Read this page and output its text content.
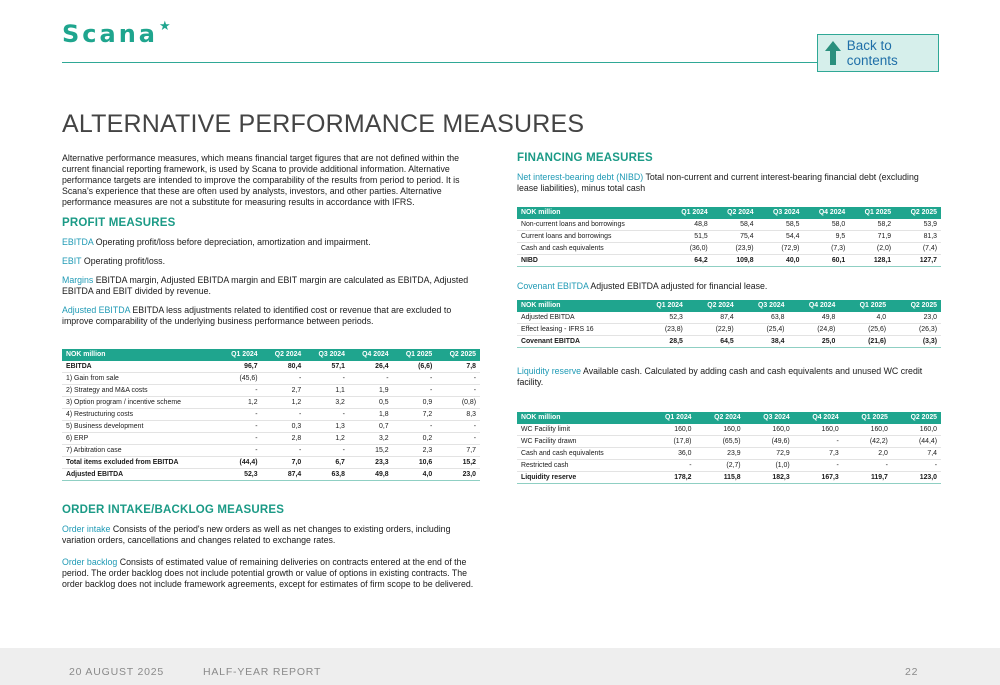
Scana ★
Back to contents
ALTERNATIVE PERFORMANCE MEASURES

Alternative performance measures, which means financial target figures that are not defined within the current financial reporting framework, is used by Scana to provide additional information. Alternative performance targets are intended to improve the comparability of the results from period to period. It is Scana's experience that these are often used by analysts, investors, and other parties. Alternative performance measures are not a substitute for measuring results in accordance with IFRS.

PROFIT MEASURES

EBITDA Operating profit/loss before depreciation, amortization and impairment.

EBIT Operating profit/loss.

Margins EBITDA margin, Adjusted EBITDA margin and EBIT margin are calculated as EBITDA, Adjusted EBITDA and EBIT divided by revenue.

Adjusted EBITDA EBITDA less adjustments related to identified cost or revenue that are excluded to improve comparability of the underlying business performance between periods.

NOK million	Q1 2024	Q2 2024	Q3 2024	Q4 2024	Q1 2025	Q2 2025
EBITDA	96,7	80,4	57,1	26,4	(6,6)	7,8
1) Gain from sale	(45,6)	-	-	-	-	-
2) Strategy and M&A costs	-	2,7	1,1	1,9	-	-
3) Option program / incentive scheme	1,2	1,2	3,2	0,5	0,9	(0,8)
4) Restructuring costs	-	-	-	1,8	7,2	8,3
5) Business development	-	0,3	1,3	0,7	-	-
6) ERP	-	2,8	1,2	3,2	0,2	-
7) Arbitration case	-	-	-	15,2	2,3	7,7
Total items excluded from EBITDA	(44,4)	7,0	6,7	23,3	10,6	15,2
Adjusted EBITDA	52,3	87,4	63,8	49,8	4,0	23,0
ORDER INTAKE/BACKLOG MEASURES

Order intake Consists of the period's new orders as well as net changes to existing orders, including variation orders, cancellations and changes related to exchange rates.

Order backlog Consists of estimated value of remaining deliveries on contracts entered at the end of the period. The order backlog does not include potential growth or value of options in existing contracts. The order backlog does not include framework agreements, except for estimates of firm scope to be delivered.

FINANCING MEASURES

Net interest-bearing debt (NIBD) Total non-current and current interest-bearing financial debt (excluding lease liabilities), minus total cash

NOK million	Q1 2024	Q2 2024	Q3 2024	Q4 2024	Q1 2025	Q2 2025
Non-current loans and borrowings	48,8	58,4	58,5	58,0	58,2	53,9
Current loans and borrowings	51,5	75,4	54,4	9,5	71,9	81,3
Cash and cash equivalents	(36,0)	(23,9)	(72,9)	(7,3)	(2,0)	(7,4)
NIBD	64,2	109,8	40,0	60,1	128,1	127,7

Covenant EBITDA Adjusted EBITDA adjusted for financial lease.

NOK million	Q1 2024	Q2 2024	Q3 2024	Q4 2024	Q1 2025	Q2 2025
Adjusted EBITDA	52,3	87,4	63,8	49,8	4,0	23,0
Effect leasing - IFRS 16	(23,8)	(22,9)	(25,4)	(24,8)	(25,6)	(26,3)
Covenant EBITDA	28,5	64,5	38,4	25,0	(21,6)	(3,3)

Liquidity reserve Available cash. Calculated by adding cash and cash equivalents and unused WC credit facility.

NOK million	Q1 2024	Q2 2024	Q3 2024	Q4 2024	Q1 2025	Q2 2025
WC Facility limit	160,0	160,0	160,0	160,0	160,0	160,0
WC Facility drawn	(17,8)	(65,5)	(49,6)	-	(42,2)	(44,4)
Cash and cash equivalents	36,0	23,9	72,9	7,3	2,0	7,4
Restricted cash	-	(2,7)	(1,0)	-	-	-
Liquidity reserve	178,2	115,8	182,3	167,3	119,7	123,0
20 AUGUST 2025	HALF-YEAR REPORT	22
